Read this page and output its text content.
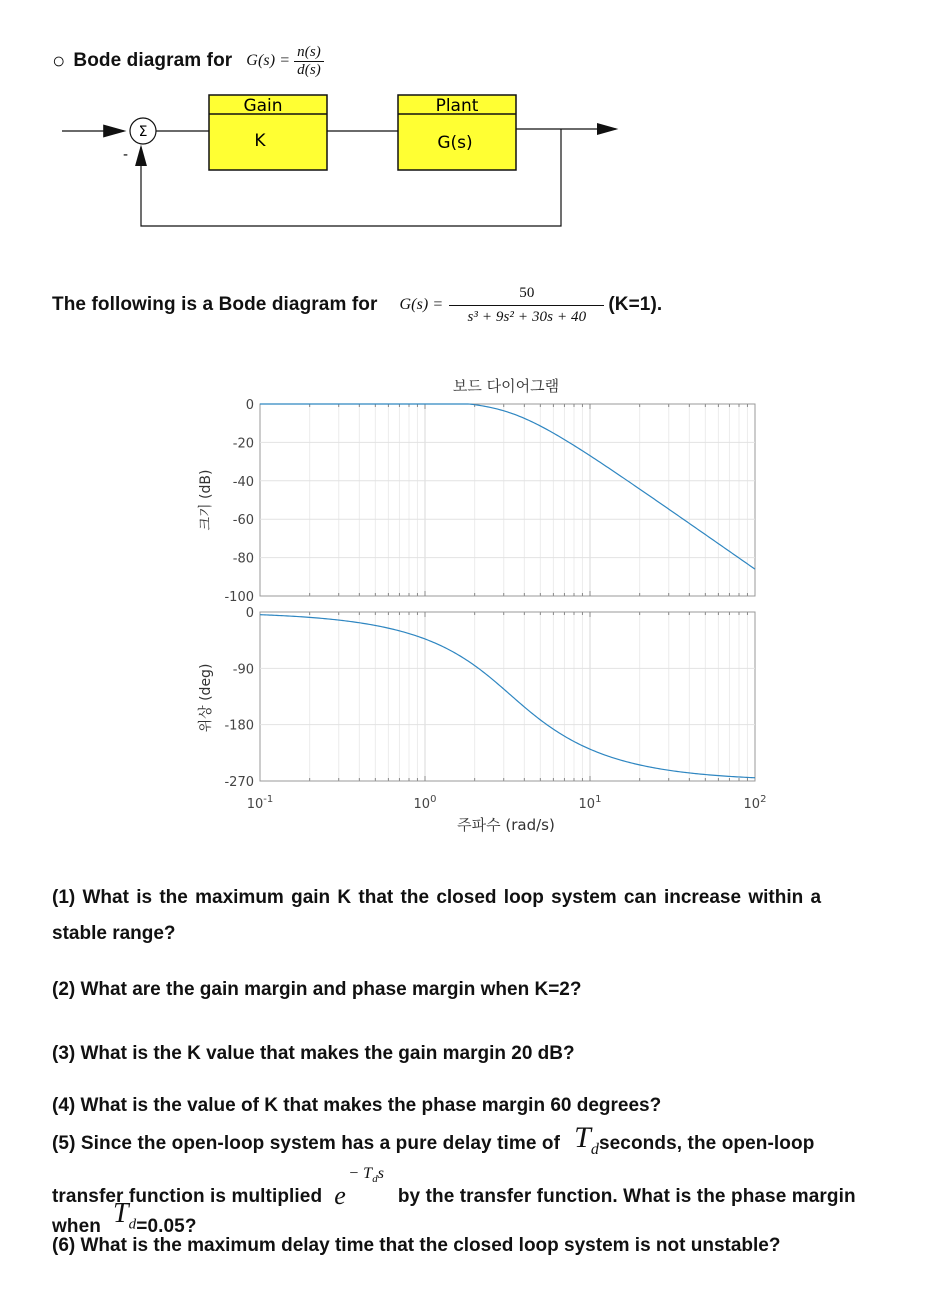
○ Bode diagram for $G(s) = \frac{n(s)}{d(s)}$
Σ
-
Gain
K
Plant
G(s)
The following is a Bode diagram for $G(s) = \frac{50}{\text{s³ + 9s² + 30s + 40}} (K=1)$.
보드 다이어그램
0
-20
-40
-60
-80
-100
크기 (dB)
0
-90
-180
-270
위상 (deg)
$10^{-1}$	$10^0$	$10^1$	$10^2$
주파수 (rad/s)
(1) What is the maximum gain K that the closed loop system can increase within a
stable range?
(2) What are the gain margin and phase margin when K=2?
(3) What is the K value that makes the gain margin 20 dB?
(4) What is the value of K that makes the phase margin 60 degrees?
(5) Since the open-loop system has a pure delay time of $T_d$ seconds, the open-loop
transfer function is multiplied e
− $T_ds$
by the transfer function. What is the phase margin
when $T_d =0.05$?
(6) What is the maximum delay time that the closed loop system is not unstable?
